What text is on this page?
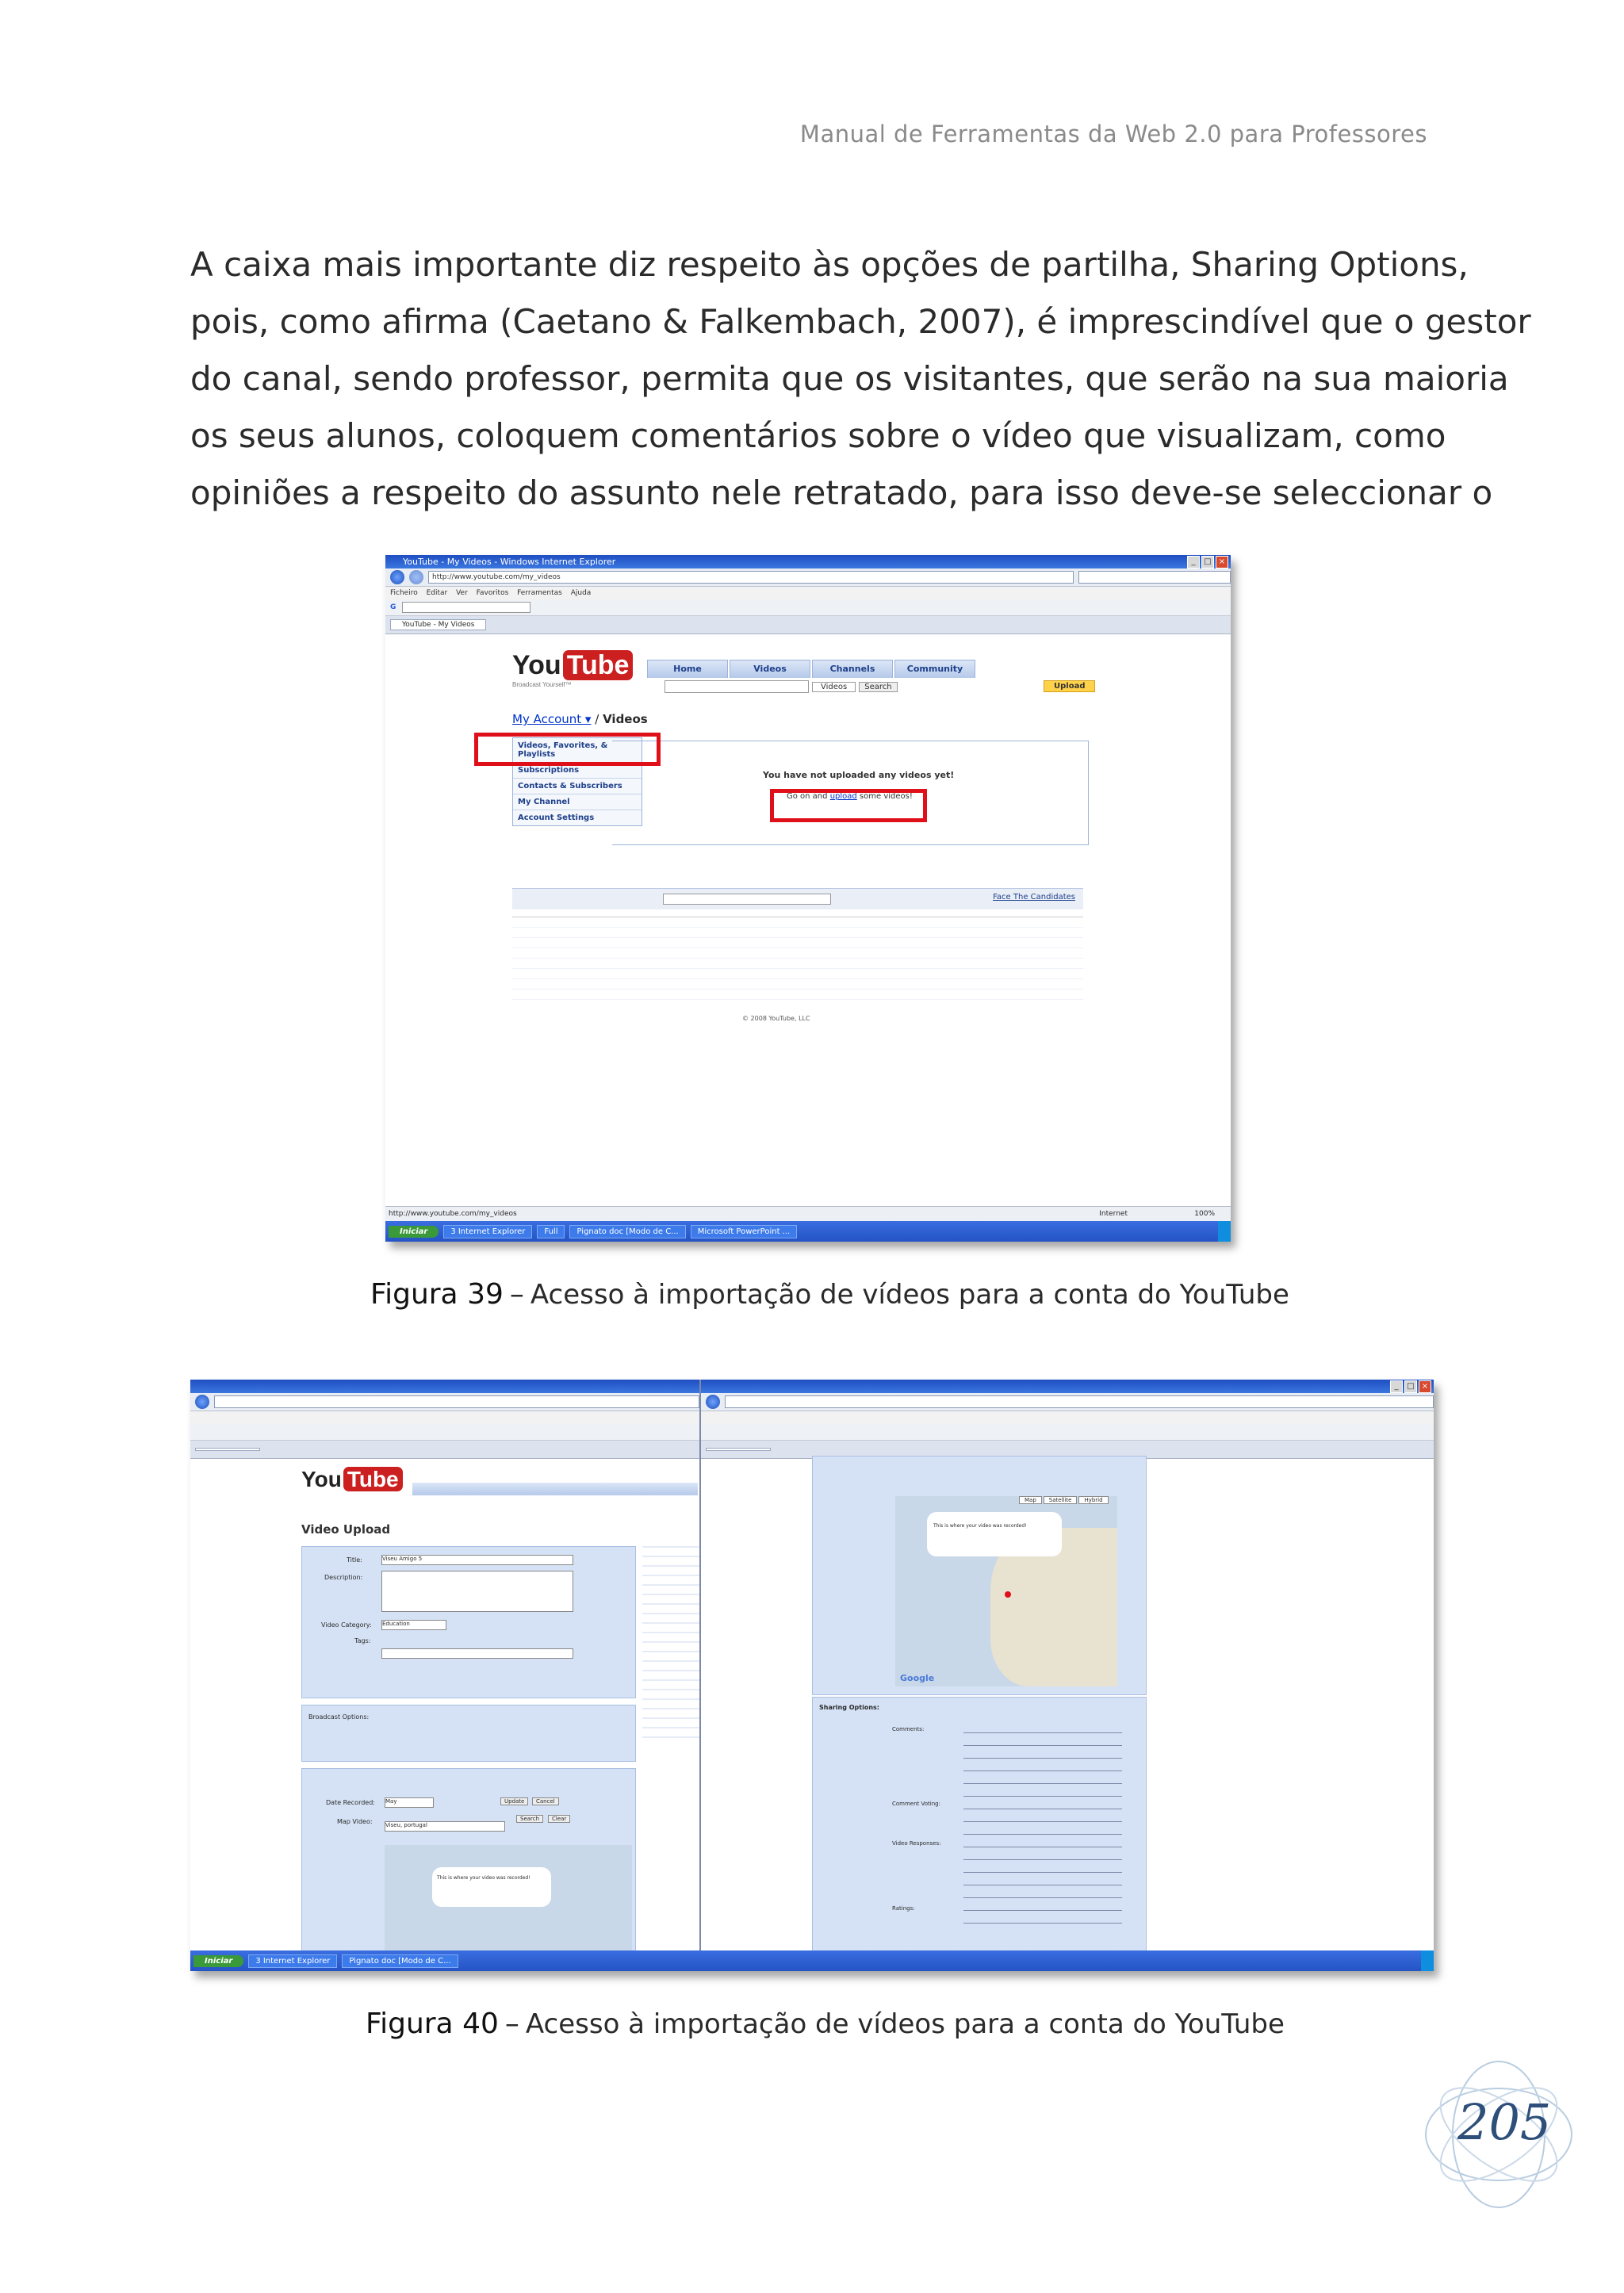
Manual de Ferramentas da Web 2.0 para Professores
A caixa mais importante diz respeito às opções de partilha, Sharing Options,
pois, como afirma (Caetano & Falkembach, 2007), é imprescindível que o gestor
do canal, sendo professor, permita que os visitantes, que serão na sua maioria
os seus alunos, coloquem comentários sobre o vídeo que visualizam, como
opiniões a respeito do assunto nele retratado, para isso deve-se seleccionar o
YouTube - My Videos - Windows Internet Explorer	_	□ ×
http://www.youtube.com/my_videos
Ficheiro Editar Ver Favoritos Ferramentas Ajuda
G
YouTube - My Videos
You Tube
Broadcast Yourself™
Home	Videos	Channels	Community
Videos	Search	Upload
My Account ▾ / Videos
Videos, Favorites, & Playlists
Subscriptions
Contacts & Subscribers
My Channel
Account Settings
You have not uploaded any videos yet!
Go on and upload some videos!
Face The Candidates
© 2008 YouTube, LLC
http://www.youtube.com/my_videos	Internet	100%
Iniciar	3 Internet Explorer	Full	Pignato doc [Modo de C...	Microsoft PowerPoint ...
Figura 39 – Acesso à importação de vídeos para a conta do YouTube
You Tube
Video Upload
Title:	Viseu Amigo 5
Description:
Video Category: Education
Tags:
Broadcast Options:
Date Recorded: May	Update	Cancel
Map Video: Viseu, portugal
Search	Clear
This is where your video was recorded!
_	□ ×
This is where your video was recorded!
Google
Map	Satellite	Hybrid
Sharing Options:
Comments:
Comment Voting:
Video Responses:
Ratings:
Iniciar	3 Internet Explorer	Pignato doc [Modo de C...
Figura 40 – Acesso à importação de vídeos para a conta do YouTube
205
